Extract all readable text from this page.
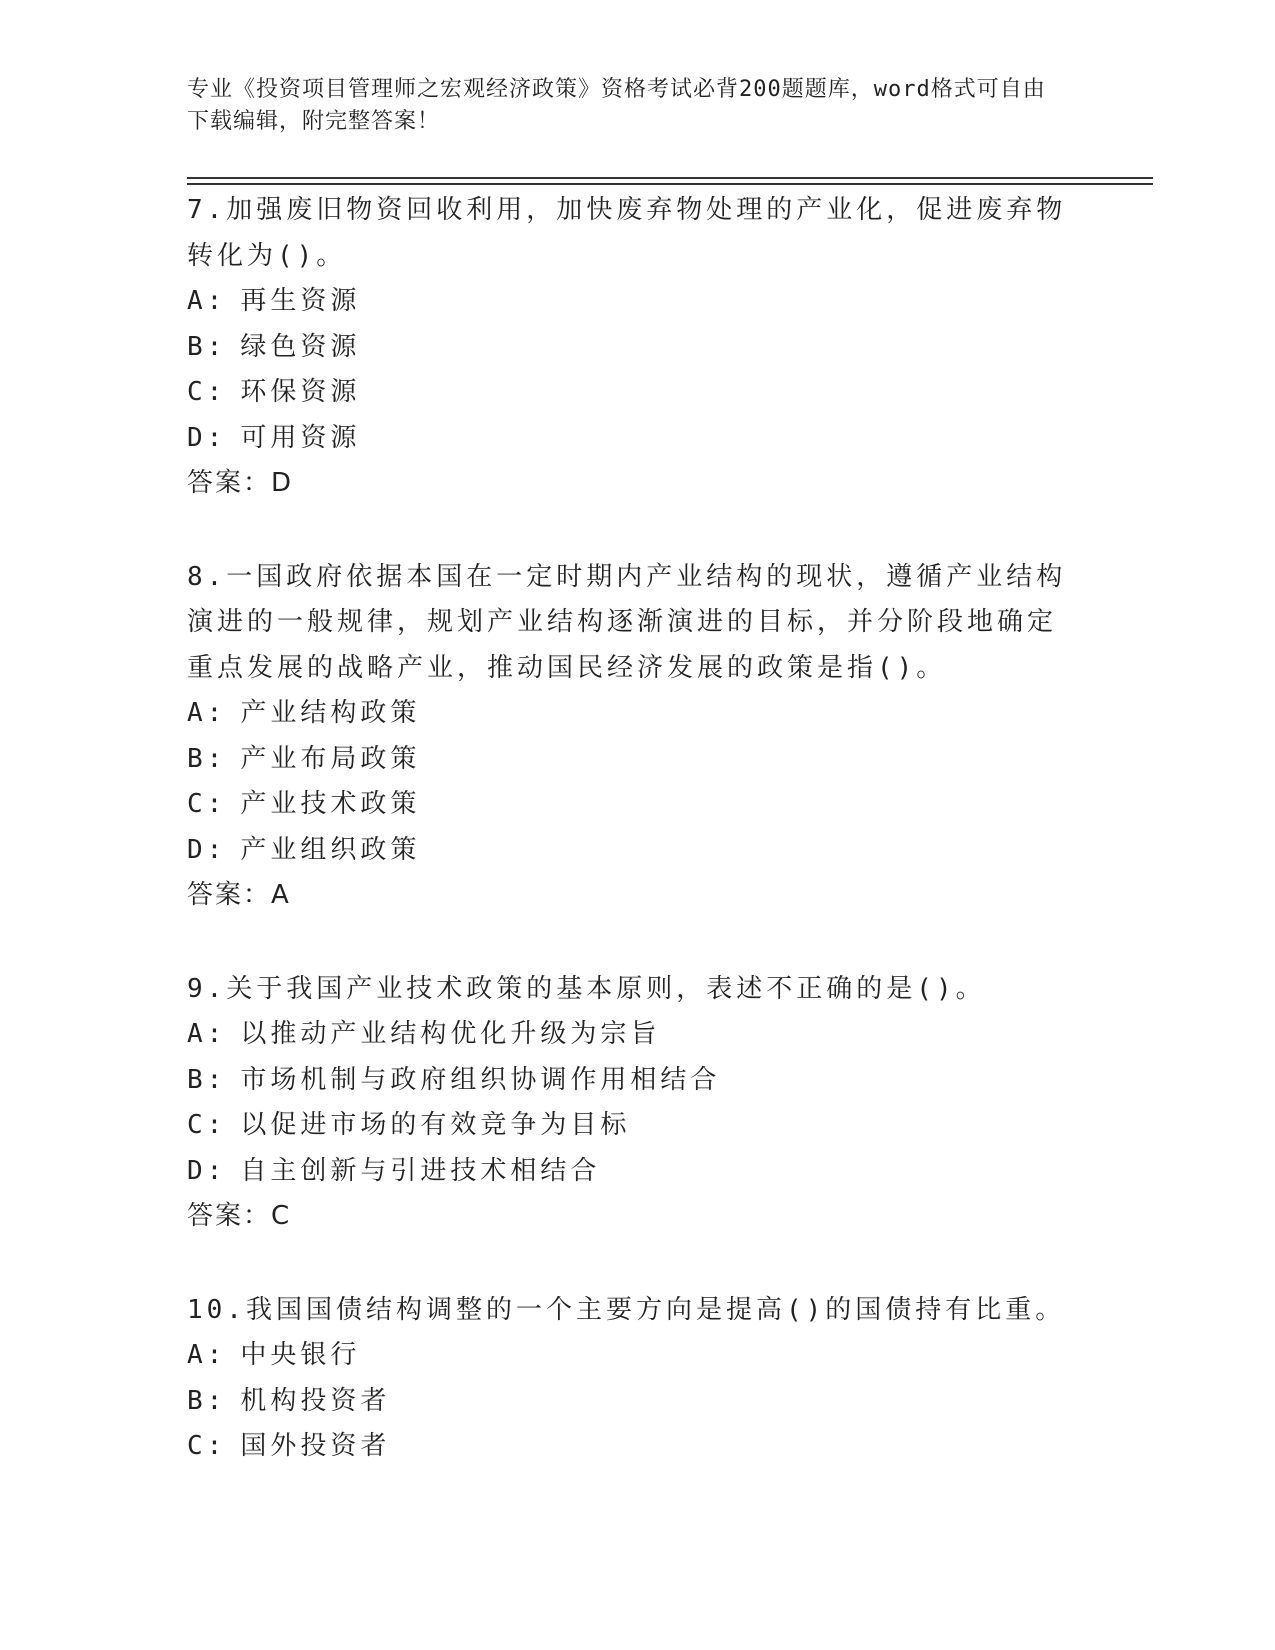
专业《投资项目管理师之宏观经济政策》资格考试必背200题题库，word格式可自由下载编辑，附完整答案！

7.加强废旧物资回收利用，加快废弃物处理的产业化，促进废弃物转化为()。

A: 再生资源

B: 绿色资源

C: 环保资源

D: 可用资源

答案：D

8.一国政府依据本国在一定时期内产业结构的现状，遵循产业结构演进的一般规律，规划产业结构逐渐演进的目标，并分阶段地确定重点发展的战略产业，推动国民经济发展的政策是指()。

A: 产业结构政策

B: 产业布局政策

C: 产业技术政策

D: 产业组织政策

答案：A

9.关于我国产业技术政策的基本原则，表述不正确的是()。

A: 以推动产业结构优化升级为宗旨

B: 市场机制与政府组织协调作用相结合

C: 以促进市场的有效竞争为目标

D: 自主创新与引进技术相结合

答案：C

10.我国国债结构调整的一个主要方向是提高()的国债持有比重。

A: 中央银行

B: 机构投资者

C: 国外投资者
